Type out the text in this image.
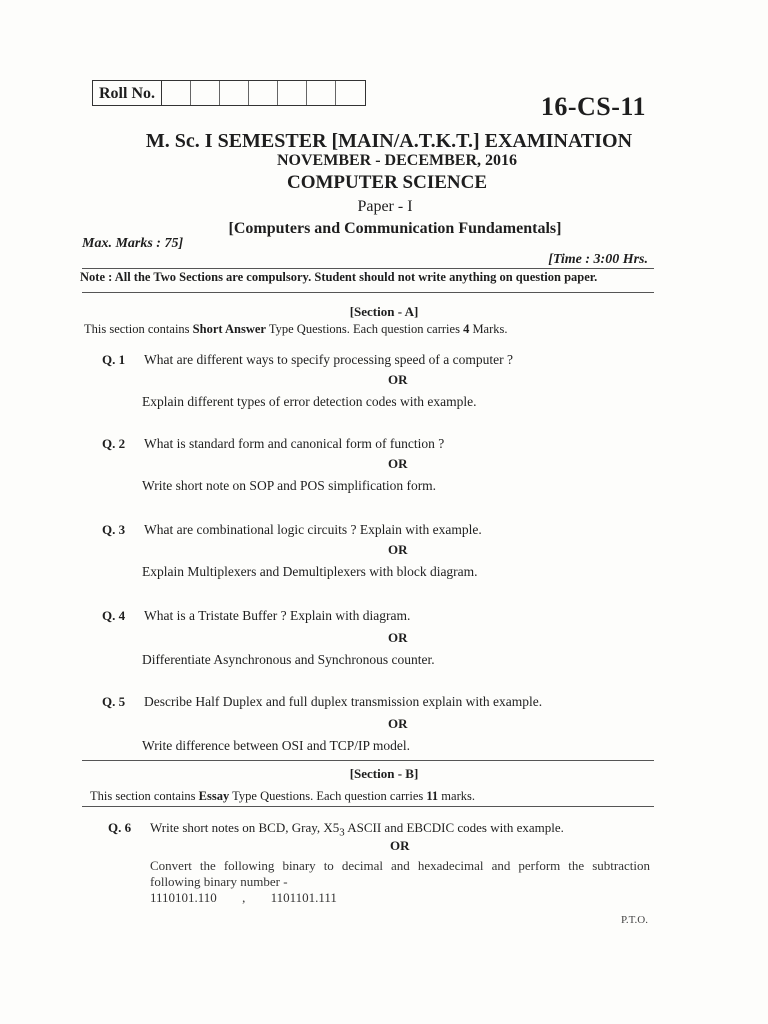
Roll No.	16-CS-11
M. Sc. I SEMESTER [MAIN/A.T.K.T.] EXAMINATION
NOVEMBER - DECEMBER, 2016
COMPUTER SCIENCE
Paper - I
[Computers and Communication Fundamentals]
Max. Marks : 75]
[Time : 3:00 Hrs.
Note : All the Two Sections are compulsory. Student should not write anything on question paper.
[Section - A]
This section contains Short Answer Type Questions. Each question carries 4 Marks.
Q. 1 What are different ways to specify processing speed of a computer ?
OR
Explain different types of error detection codes with example.
Q. 2 What is standard form and canonical form of function ?
OR
Write short note on SOP and POS simplification form.
Q. 3 What are combinational logic circuits ? Explain with example.
OR
Explain Multiplexers and Demultiplexers with block diagram.
Q. 4 What is a Tristate Buffer ? Explain with diagram.
OR
Differentiate Asynchronous and Synchronous counter.
Q. 5 Describe Half Duplex and full duplex transmission explain with example.
OR
Write difference between OSI and TCP/IP model.
[Section - B]
This section contains Essay Type Questions. Each question carries 11 marks.
Q. 6 Write short notes on BCD, Gray, $X5_3$ ASCII and EBCDIC codes with example.
OR
Convert the following binary to decimal and hexadecimal and perform the subtraction following binary number -
1110101.110 , 1101101.111
P.T.O.
